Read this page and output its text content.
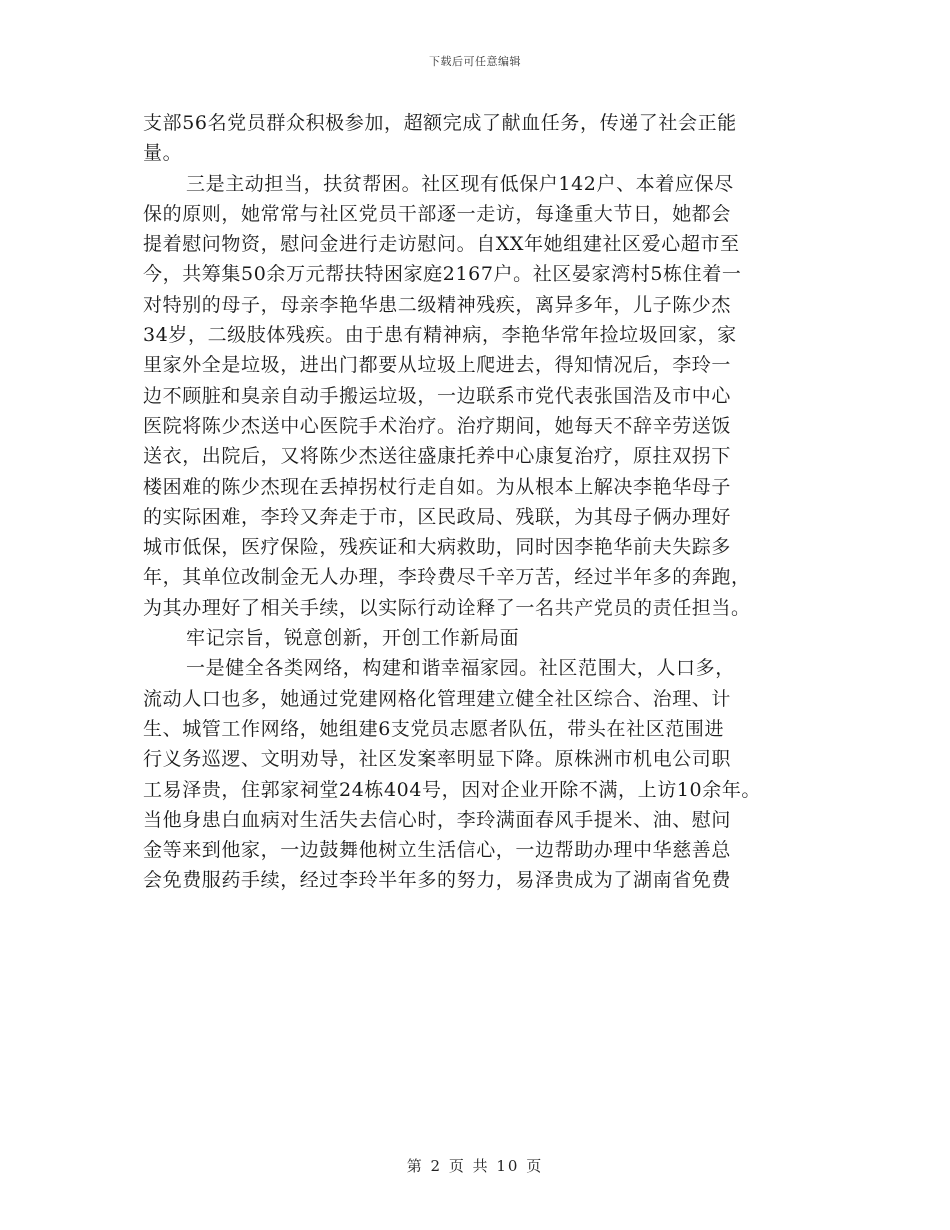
下载后可任意编辑
支部56名党员群众积极参加，超额完成了献血任务，传递了社会正能
量。
三是主动担当，扶贫帮困。社区现有低保户142户、本着应保尽
保的原则，她常常与社区党员干部逐一走访，每逢重大节日，她都会
提着慰问物资，慰问金进行走访慰问。自XX年她组建社区爱心超市至
今，共筹集50余万元帮扶特困家庭2167户。社区晏家湾村5栋住着一
对特别的母子，母亲李艳华患二级精神残疾，离异多年，儿子陈少杰
34岁，二级肢体残疾。由于患有精神病，李艳华常年捡垃圾回家，家
里家外全是垃圾，进出门都要从垃圾上爬进去，得知情况后，李玲一
边不顾脏和臭亲自动手搬运垃圾，一边联系市党代表张国浩及市中心
医院将陈少杰送中心医院手术治疗。治疗期间，她每天不辞辛劳送饭
送衣，出院后，又将陈少杰送往盛康托养中心康复治疗，原拄双拐下
楼困难的陈少杰现在丢掉拐杖行走自如。为从根本上解决李艳华母子
的实际困难，李玲又奔走于市，区民政局、残联，为其母子俩办理好
城市低保，医疗保险，残疾证和大病救助，同时因李艳华前夫失踪多
年，其单位改制金无人办理，李玲费尽千辛万苦，经过半年多的奔跑，
为其办理好了相关手续，以实际行动诠释了一名共产党员的责任担当。
牢记宗旨，锐意创新，开创工作新局面
一是健全各类网络，构建和谐幸福家园。社区范围大，人口多，
流动人口也多，她通过党建网格化管理建立健全社区综合、治理、计
生、城管工作网络，她组建6支党员志愿者队伍，带头在社区范围进
行义务巡逻、文明劝导，社区发案率明显下降。原株洲市机电公司职
工易泽贵，住郭家祠堂24栋404号，因对企业开除不满，上访10余年。
当他身患白血病对生活失去信心时，李玲满面春风手提米、油、慰问
金等来到他家，一边鼓舞他树立生活信心，一边帮助办理中华慈善总
会免费服药手续，经过李玲半年多的努力，易泽贵成为了湖南省免费
第 2 页 共 10 页
